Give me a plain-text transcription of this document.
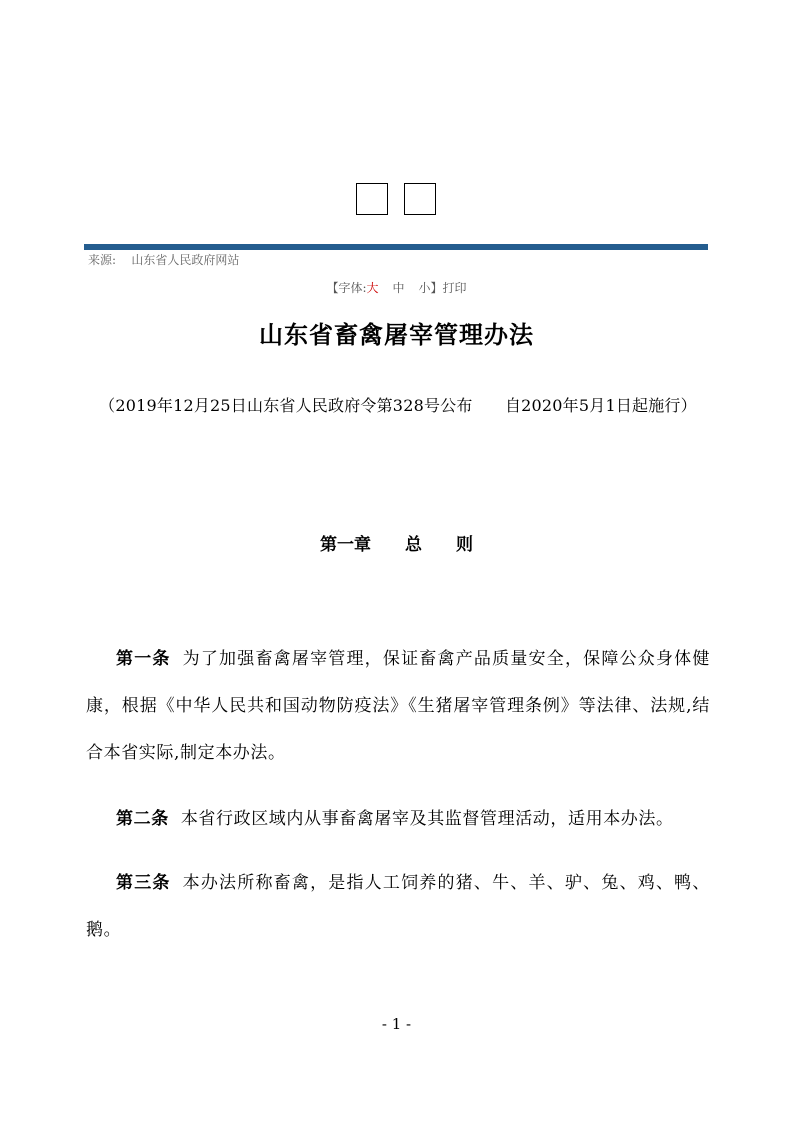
来源: 山东省人民政府网站
【字体:大 中 小】打印
山东省畜禽屠宰管理办法
（2019年12月25日山东省人民政府令第328号公布　　自2020年5月1日起施行）
第一章　　总　　则

第一条 为了加强畜禽屠宰管理，保证畜禽产品质量安全，保障公众身体健康，根据《中华人民共和国动物防疫法》《生猪屠宰管理条例》等法律、法规,结合本省实际,制定本办法。

第二条 本省行政区域内从事畜禽屠宰及其监督管理活动，适用本办法。

第三条 本办法所称畜禽，是指人工饲养的猪、牛、羊、驴、兔、鸡、鸭、鹅。

- 1 -
